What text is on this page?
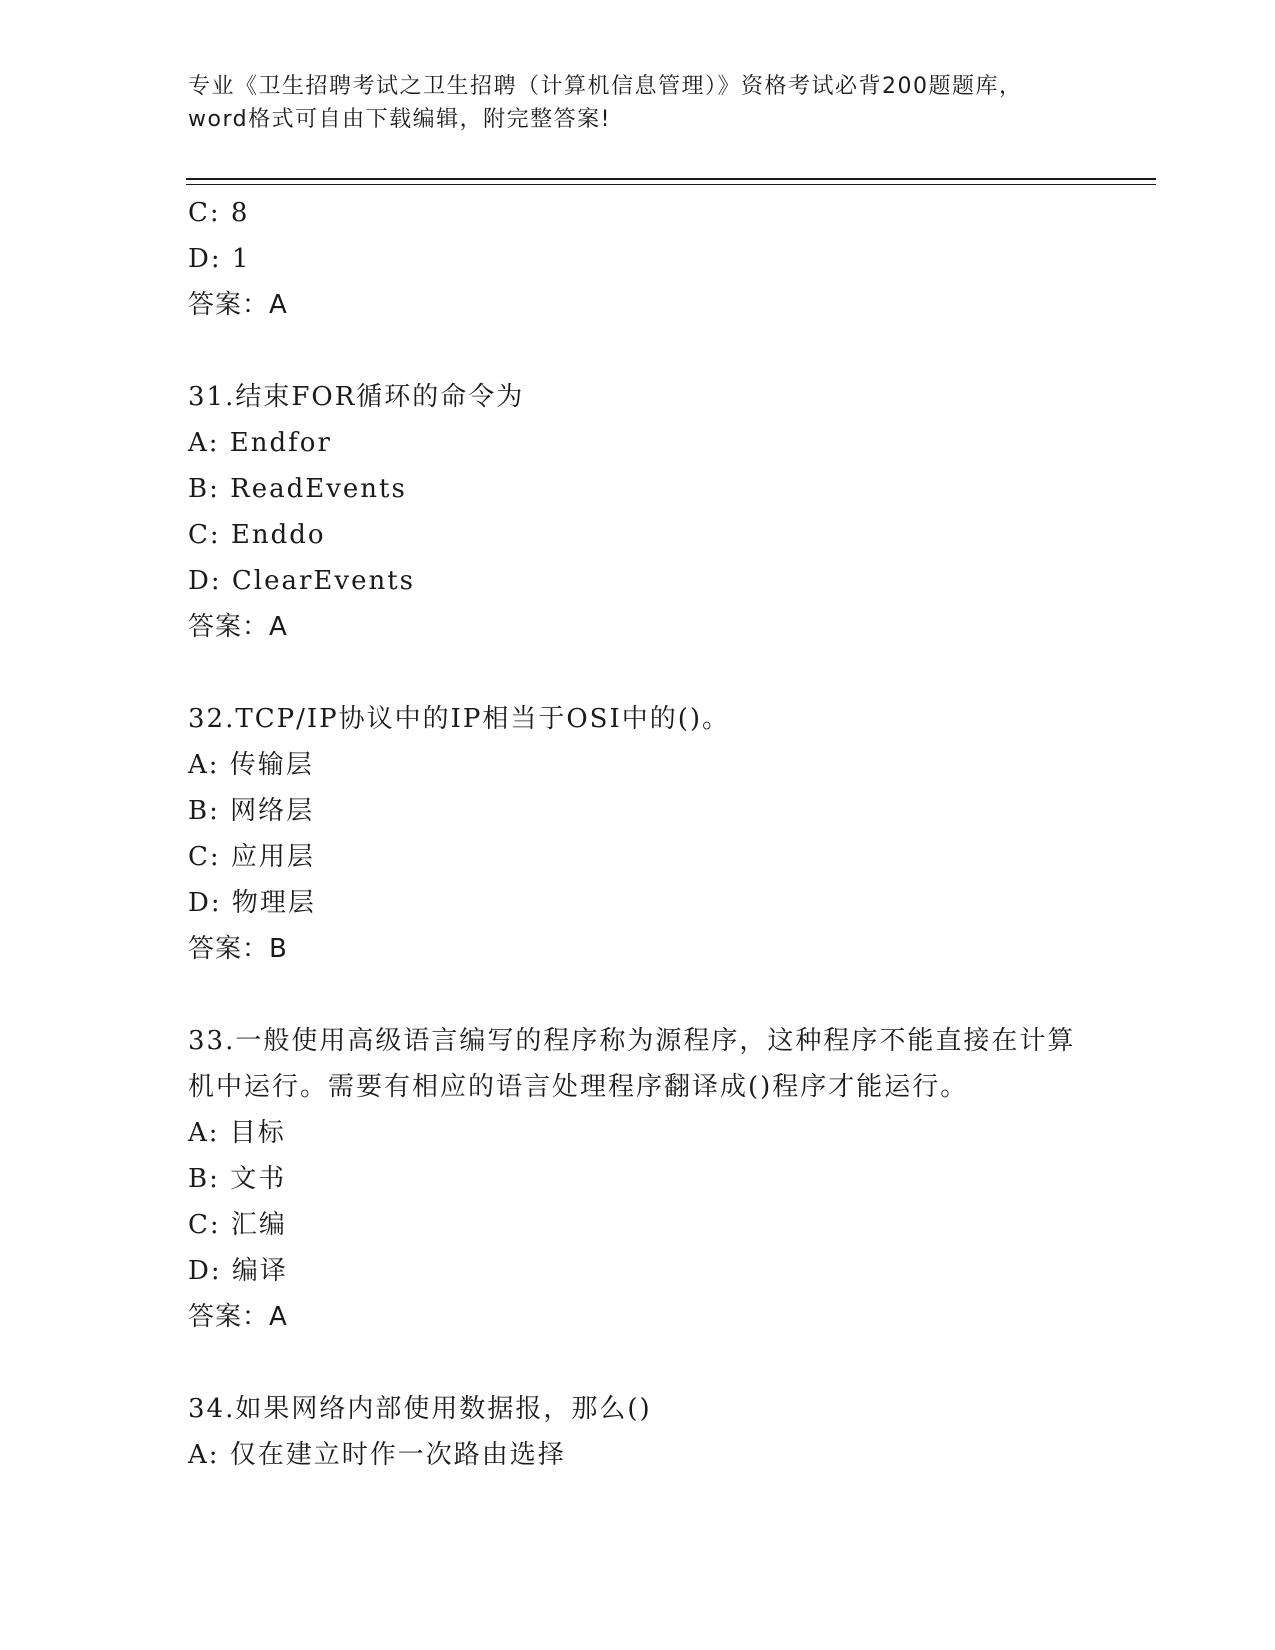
专业《卫生招聘考试之卫生招聘（计算机信息管理）》资格考试必背200题题库，
word格式可自由下载编辑，附完整答案!
C: 8
D: 1
答案：A
31.结束FOR循环的命令为
A: Endfor
B: ReadEvents
C: Enddo
D: ClearEvents
答案：A
32.TCP/IP协议中的IP相当于OSI中的()。
A: 传输层
B: 网络层
C: 应用层
D: 物理层
答案：B
33.一般使用高级语言编写的程序称为源程序，这种程序不能直接在计算机中运行。需要有相应的语言处理程序翻译成()程序才能运行。
A: 目标
B: 文书
C: 汇编
D: 编译
答案：A
34.如果网络内部使用数据报，那么()
A: 仅在建立时作一次路由选择
